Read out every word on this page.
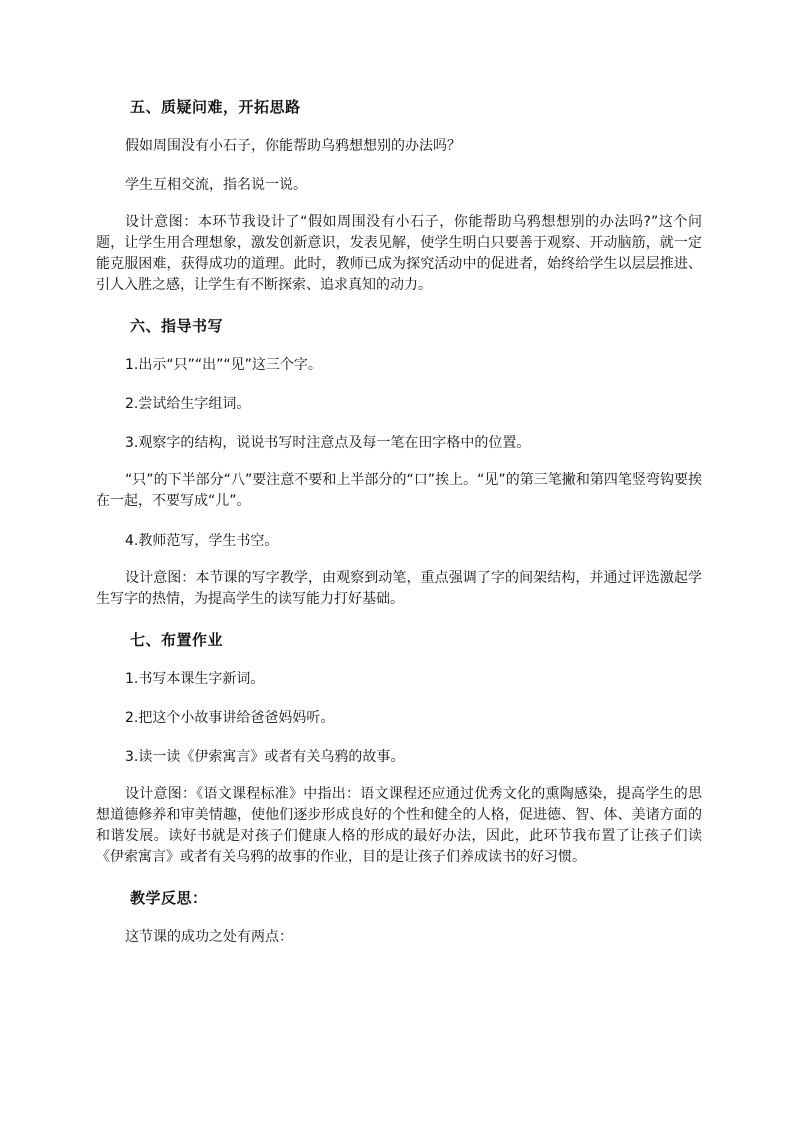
五、质疑问难，开拓思路
假如周围没有小石子，你能帮助乌鸦想想别的办法吗？
学生互相交流，指名说一说。
设计意图：本环节我设计了“假如周围没有小石子，你能帮助乌鸦想想别的办法吗?”这个问题，让学生用合理想象，激发创新意识，发表见解，使学生明白只要善于观察、开动脑筋，就一定能克服困难，获得成功的道理。此时，教师已成为探究活动中的促进者，始终给学生以层层推进、引人入胜之感，让学生有不断探索、追求真知的动力。
六、指导书写
1.出示“只”“出”“见”这三个字。
2.尝试给生字组词。
3.观察字的结构，说说书写时注意点及每一笔在田字格中的位置。
“只”的下半部分“八”要注意不要和上半部分的“口”挨上。“见”的第三笔撇和第四笔竖弯钩要挨在一起，不要写成“儿”。
4.教师范写，学生书空。
设计意图：本节课的写字教学，由观察到动笔，重点强调了字的间架结构，并通过评选激起学生写字的热情，为提高学生的读写能力打好基础。
七、布置作业
1.书写本课生字新词。
2.把这个小故事讲给爸爸妈妈听。
3.读一读《伊索寓言》或者有关乌鸦的故事。
设计意图：《语文课程标准》中指出：语文课程还应通过优秀文化的熏陶感染，提高学生的思想道德修养和审美情趣，使他们逐步形成良好的个性和健全的人格，促进德、智、体、美诸方面的和谐发展。读好书就是对孩子们健康人格的形成的最好办法，因此，此环节我布置了让孩子们读《伊索寓言》或者有关乌鸦的故事的作业，目的是让孩子们养成读书的好习惯。
教学反思：
这节课的成功之处有两点：
